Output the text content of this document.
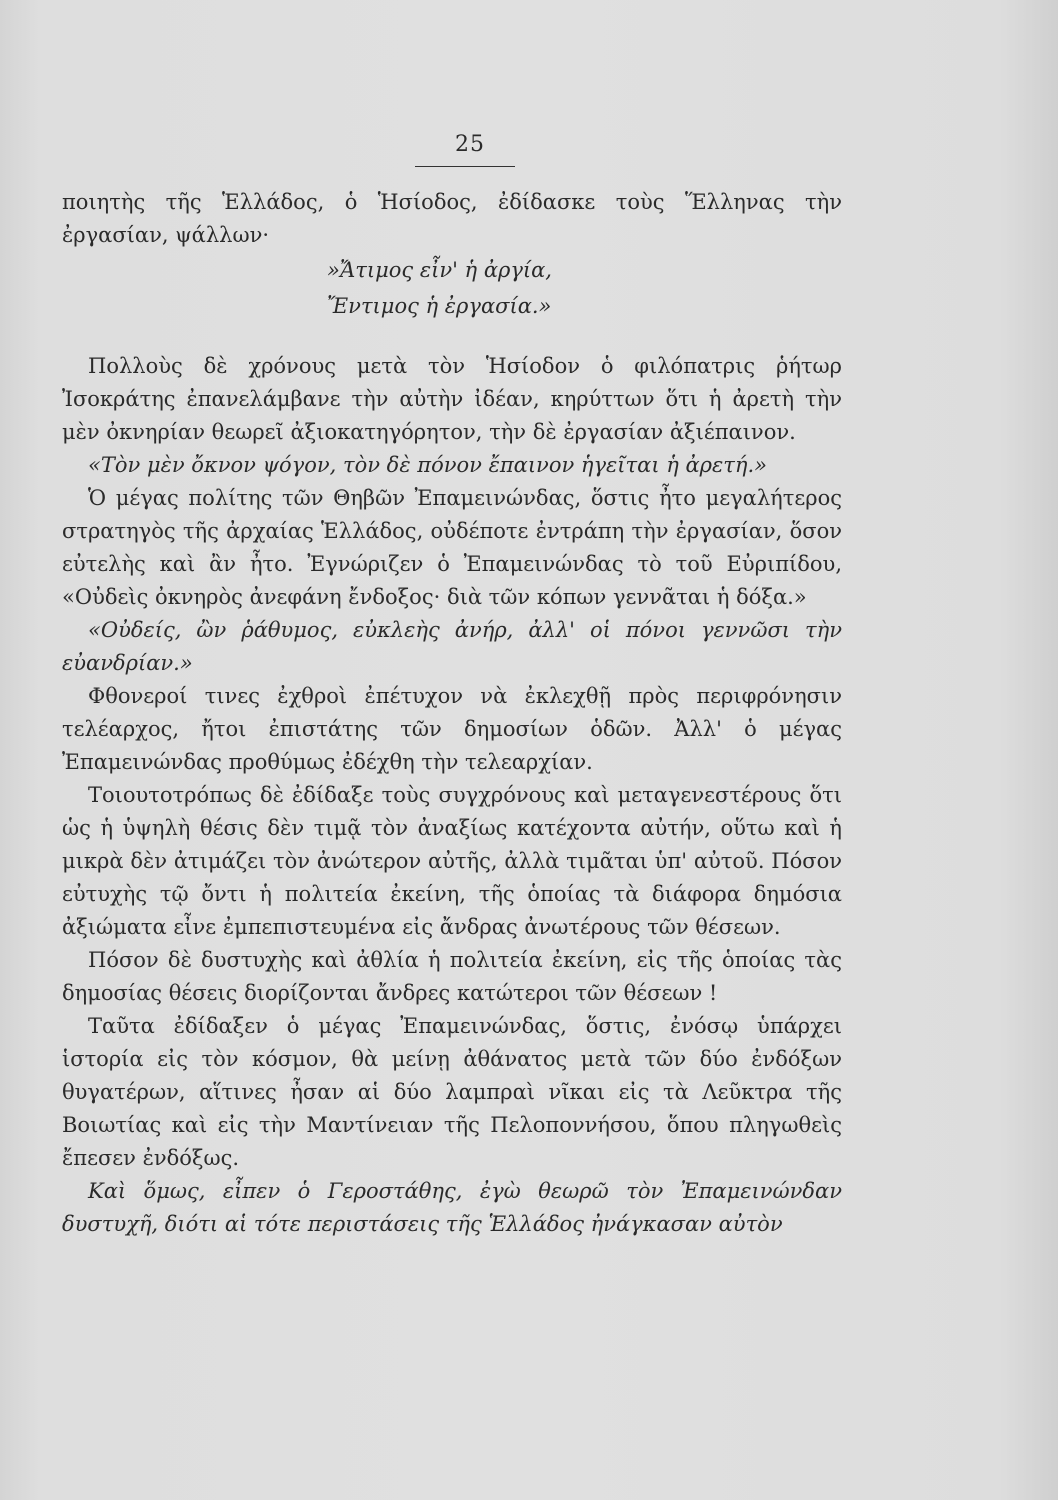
25

ποιητὴς τῆς Ἑλλάδος, ὁ Ἡσίοδος, ἐδίδασκε τοὺς Ἕλληνας τὴν ἐργασίαν, ψάλλων·

»Ἄτιμος εἶν' ἡ ἀργία,

Ἔντιμος ἡ ἐργασία.»

Πολλοὺς δὲ χρόνους μετὰ τὸν Ἡσίοδον ὁ φιλόπατρις ῥήτωρ Ἰσοκράτης ἐπανελάμβανε τὴν αὐτὴν ἰδέαν, κηρύττων ὅτι ἡ ἀρετὴ τὴν μὲν ὀκνηρίαν θεωρεῖ ἀξιοκατηγόρητον, τὴν δὲ ἐργασίαν ἀξιέπαινον.

«Τὸν μὲν ὄκνον ψόγον, τὸν δὲ πόνον ἔπαινον ἡγεῖται ἡ ἀρετή.»

Ὁ μέγας πολίτης τῶν Θηβῶν Ἐπαμεινώνδας, ὅστις ἦτο μεγαλήτερος στρατηγὸς τῆς ἀρχαίας Ἑλλάδος, οὐδέποτε ἐντράπη τὴν ἐργασίαν, ὅσον εὐτελὴς καὶ ἂν ἦτο. Ἐγνώριζεν ὁ Ἐπαμεινώνδας τὸ τοῦ Εὐριπίδου, «Οὐδεὶς ὀκνηρὸς ἀνεφάνη ἔνδοξος· διὰ τῶν κόπων γεννᾶται ἡ δόξα.»

«Οὐδείς, ὢν ῥάθυμος, εὐκλεὴς ἀνήρ, ἀλλ' οἱ πόνοι γεννῶσι τὴν εὐανδρίαν.»

Φθονεροί τινες ἐχθροὶ ἐπέτυχον νὰ ἐκλεχθῇ πρὸς περιφρόνησιν τελέαρχος, ἤτοι ἐπιστάτης τῶν δημοσίων ὁδῶν. Ἀλλ' ὁ μέγας Ἐπαμεινώνδας προθύμως ἐδέχθη τὴν τελεαρχίαν.

Τοιουτοτρόπως δὲ ἐδίδαξε τοὺς συγχρόνους καὶ μεταγενεστέρους ὅτι ὡς ἡ ὑψηλὴ θέσις δὲν τιμᾷ τὸν ἀναξίως κατέχοντα αὐτήν, οὕτω καὶ ἡ μικρὰ δὲν ἀτιμάζει τὸν ἀνώτερον αὐτῆς, ἀλλὰ τιμᾶται ὑπ' αὐτοῦ. Πόσον εὐτυχὴς τῷ ὄντι ἡ πολιτεία ἐκείνη, τῆς ὁποίας τὰ διάφορα δημόσια ἀξιώματα εἶνε ἐμπεπιστευμένα εἰς ἄνδρας ἀνωτέρους τῶν θέσεων.

Πόσον δὲ δυστυχὴς καὶ ἀθλία ἡ πολιτεία ἐκείνη, εἰς τῆς ὁποίας τὰς δημοσίας θέσεις διορίζονται ἄνδρες κατώτεροι τῶν θέσεων !

Ταῦτα ἐδίδαξεν ὁ μέγας Ἐπαμεινώνδας, ὅστις, ἐνόσῳ ὑπάρχει ἱστορία εἰς τὸν κόσμον, θὰ μείνῃ ἀθάνατος μετὰ τῶν δύο ἐνδόξων θυγατέρων, αἵτινες ἦσαν αἱ δύο λαμπραὶ νῖκαι εἰς τὰ Λεῦκτρα τῆς Βοιωτίας καὶ εἰς τὴν Μαντίνειαν τῆς Πελοποννήσου, ὅπου πληγωθεὶς ἔπεσεν ἐνδόξως.

Καὶ ὅμως, εἶπεν ὁ Γεροστάθης, ἐγὼ θεωρῶ τὸν Ἐπαμεινώνδαν δυστυχῆ, διότι αἱ τότε περιστάσεις τῆς Ἑλλάδος ἠνάγκασαν αὐτὸν
